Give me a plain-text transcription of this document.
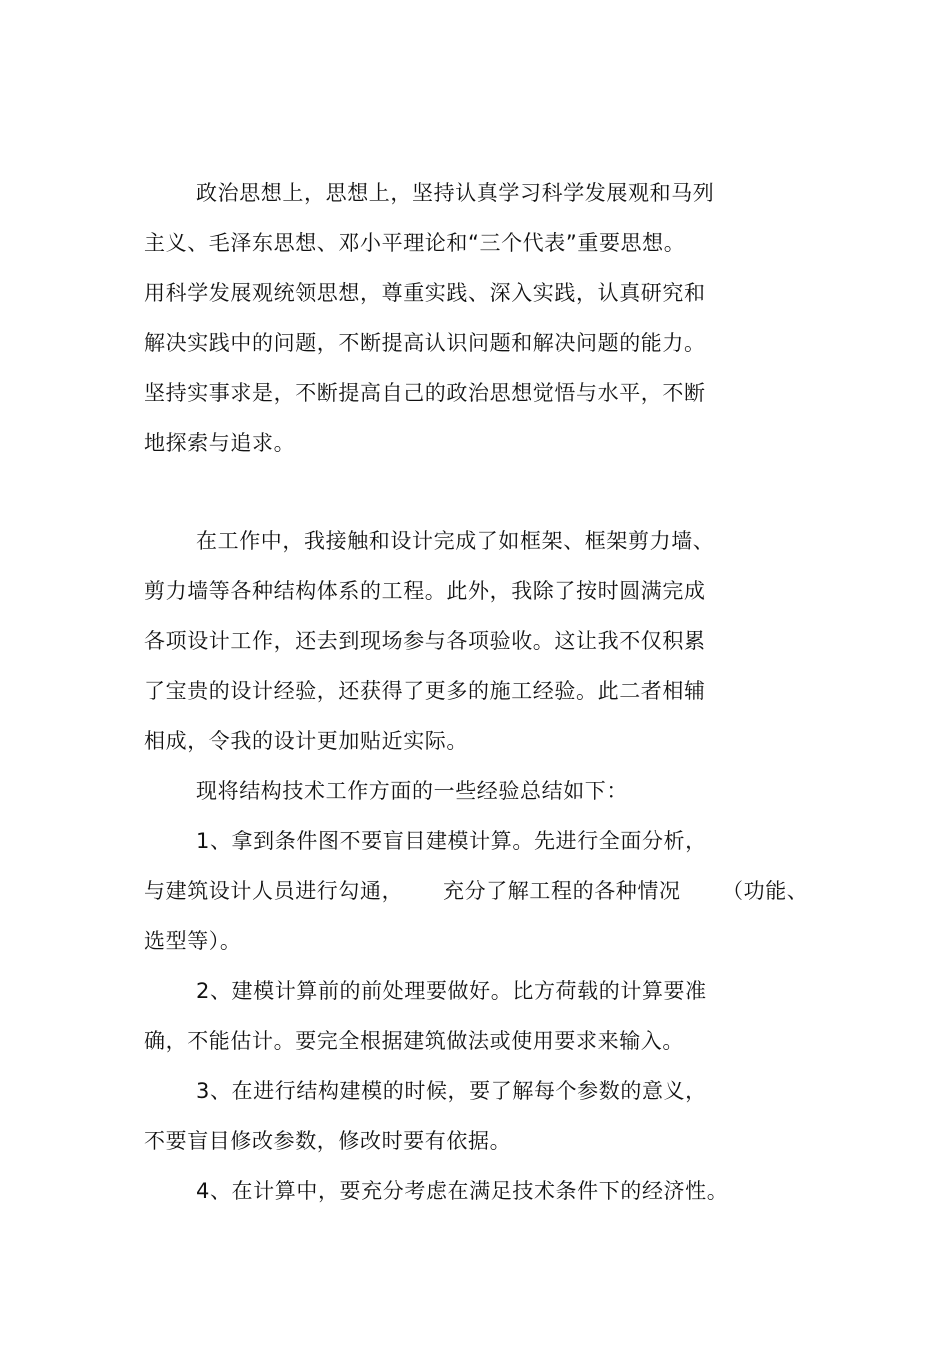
政治思想上，思想上，坚持认真学习科学发展观和马列
主义、毛泽东思想、邓小平理论和“三个代表”重要思想。
用科学发展观统领思想，尊重实践、深入实践，认真研究和
解决实践中的问题，不断提高认识问题和解决问题的能力。
坚持实事求是，不断提高自己的政治思想觉悟与水平，不断
地探索与追求。
在工作中，我接触和设计完成了如框架、框架剪力墙、
剪力墙等各种结构体系的工程。此外，我除了按时圆满完成
各项设计工作，还去到现场参与各项验收。这让我不仅积累
了宝贵的设计经验，还获得了更多的施工经验。此二者相辅
相成，令我的设计更加贴近实际。
现将结构技术工作方面的一些经验总结如下：
1、拿到条件图不要盲目建模计算。先进行全面分析，
与建筑设计人员进行勾通， 充分了解工程的各种情况 （功能、
选型等）。
2、建模计算前的前处理要做好。比方荷载的计算要准
确，不能估计。要完全根据建筑做法或使用要求来输入。
3、在进行结构建模的时候，要了解每个参数的意义，
不要盲目修改参数，修改时要有依据。
4、在计算中，要充分考虑在满足技术条件下的经济性。
